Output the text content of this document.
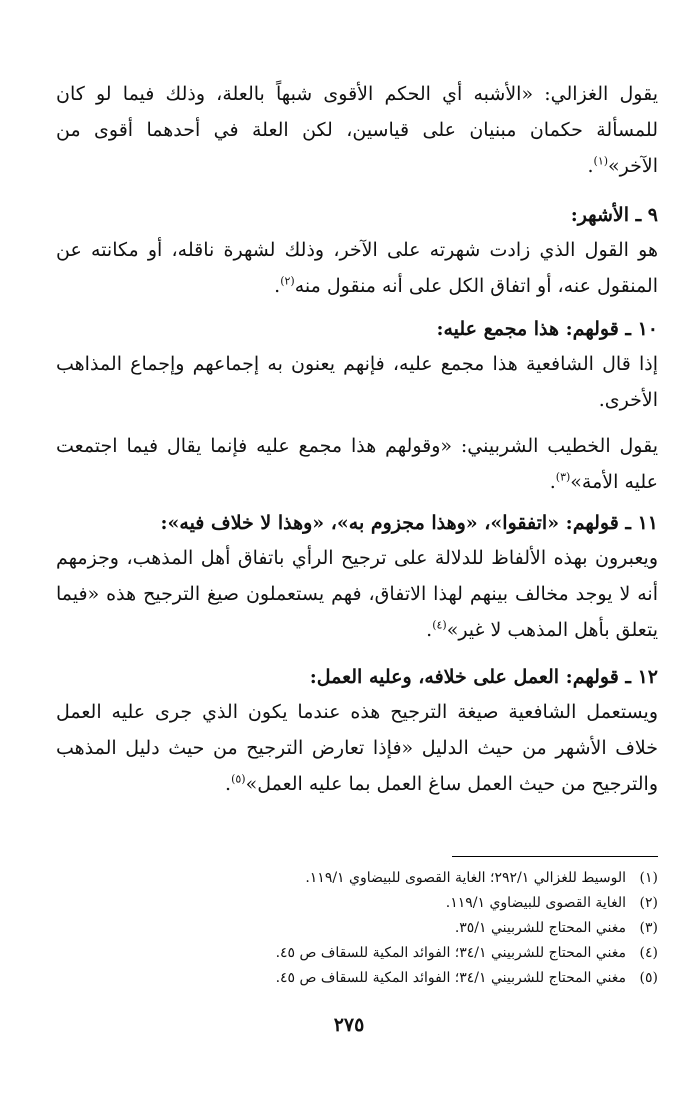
يقول الغزالي: «الأشبه أي الحكم الأقوى شبهاً بالعلة، وذلك فيما لو كان للمسألة حكمان مبنيان على قياسين، لكن العلة في أحدهما أقوى من الآخر»$^{(١)}$.

٩ ـ الأشهر:

هو القول الذي زادت شهرته على الآخر، وذلك لشهرة ناقله، أو مكانته عن المنقول عنه، أو اتفاق الكل على أنه منقول منه$^{(٢)}$.

١٠ ـ قولهم: هذا مجمع عليه:

إذا قال الشافعية هذا مجمع عليه، فإنهم يعنون به إجماعهم وإجماع المذاهب الأخرى.

يقول الخطيب الشربيني: «وقولهم هذا مجمع عليه فإنما يقال فيما اجتمعت عليه الأمة»$^{(٣)}$.

١١ ـ قولهم: «اتفقوا»، «وهذا مجزوم به»، «وهذا لا خلاف فيه»:

ويعبرون بهذه الألفاظ للدلالة على ترجيح الرأي باتفاق أهل المذهب، وجزمهم أنه لا يوجد مخالف بينهم لهذا الاتفاق، فهم يستعملون صيغ الترجيح هذه «فيما يتعلق بأهل المذهب لا غير»$^{(٤)}$.

١٢ ـ قولهم: العمل على خلافه، وعليه العمل:

ويستعمل الشافعية صيغة الترجيح هذه عندما يكون الذي جرى عليه العمل خلاف الأشهر من حيث الدليل «فإذا تعارض الترجيح من حيث دليل المذهب والترجيح من حيث العمل ساغ العمل بما عليه العمل»$^{(٥)}$.

(١)الوسيط للغزالي ٢٩٢/١؛ الغاية القصوى للبيضاوي ١١٩/١.

(٢)الغاية القصوى للبيضاوي ١١٩/١.

(٣)مغني المحتاج للشربيني ٣٥/١.

(٤)مغني المحتاج للشربيني ٣٤/١؛ الفوائد المكية للسقاف ص ٤٥.

(٥)مغني المحتاج للشربيني ٣٤/١؛ الفوائد المكية للسقاف ص ٤٥.

٢٧٥
